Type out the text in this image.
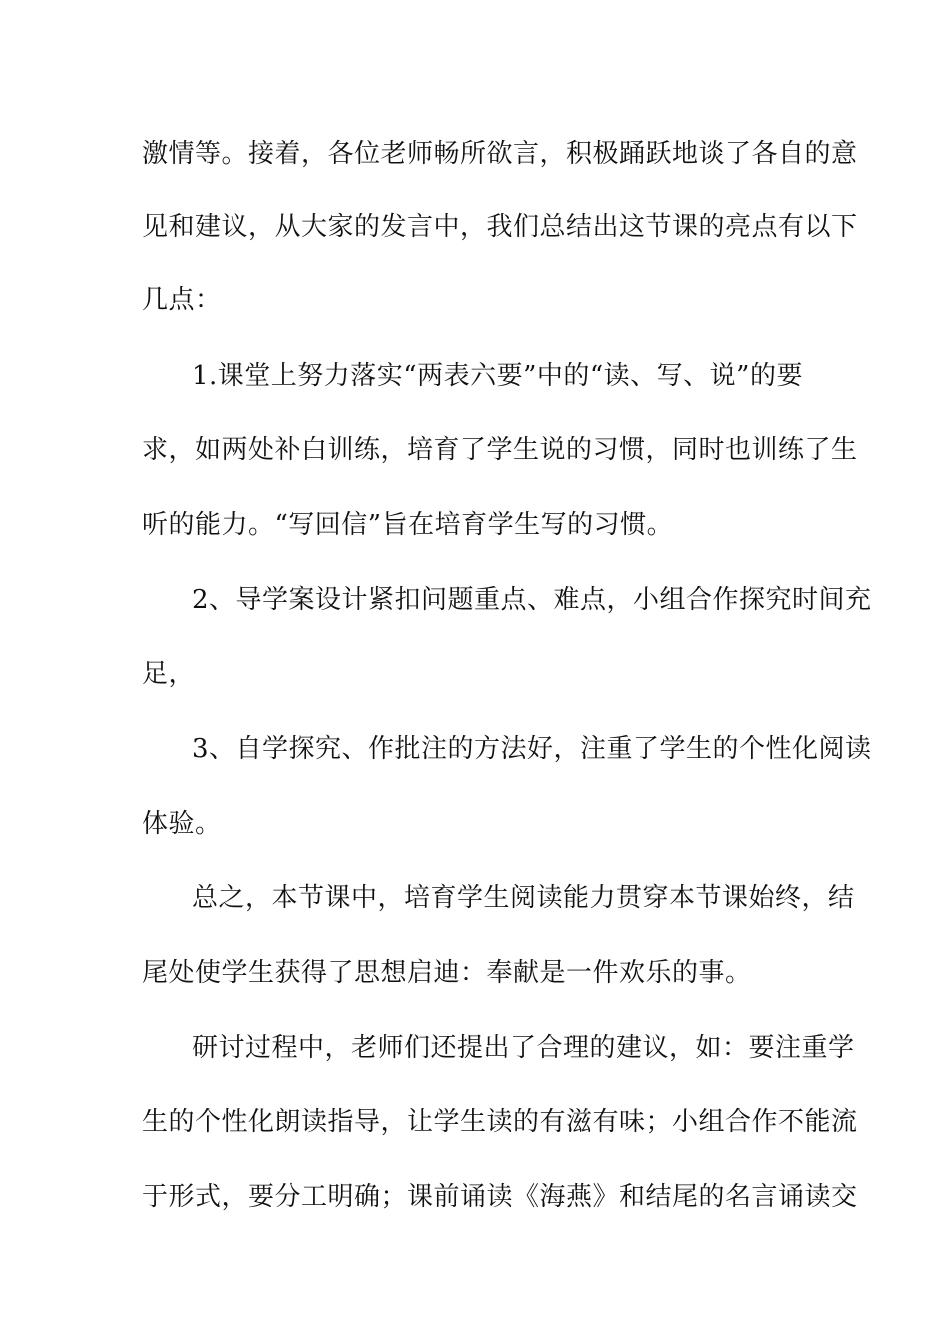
激情等。接着，各位老师畅所欲言，积极踊跃地谈了各自的意
见和建议，从大家的发言中，我们总结出这节课的亮点有以下
几点：
1.课堂上努力落实“两表六要”中的“读、写、说”的要
求，如两处补白训练，培育了学生说的习惯，同时也训练了生
听的能力。“写回信”旨在培育学生写的习惯。
2、导学案设计紧扣问题重点、难点，小组合作探究时间充
足，
3、自学探究、作批注的方法好，注重了学生的个性化阅读
体验。
总之，本节课中，培育学生阅读能力贯穿本节课始终，结
尾处使学生获得了思想启迪：奉献是一件欢乐的事。
研讨过程中，老师们还提出了合理的建议，如：要注重学
生的个性化朗读指导，让学生读的有滋有味；小组合作不能流
于形式，要分工明确；课前诵读《海燕》和结尾的名言诵读交
